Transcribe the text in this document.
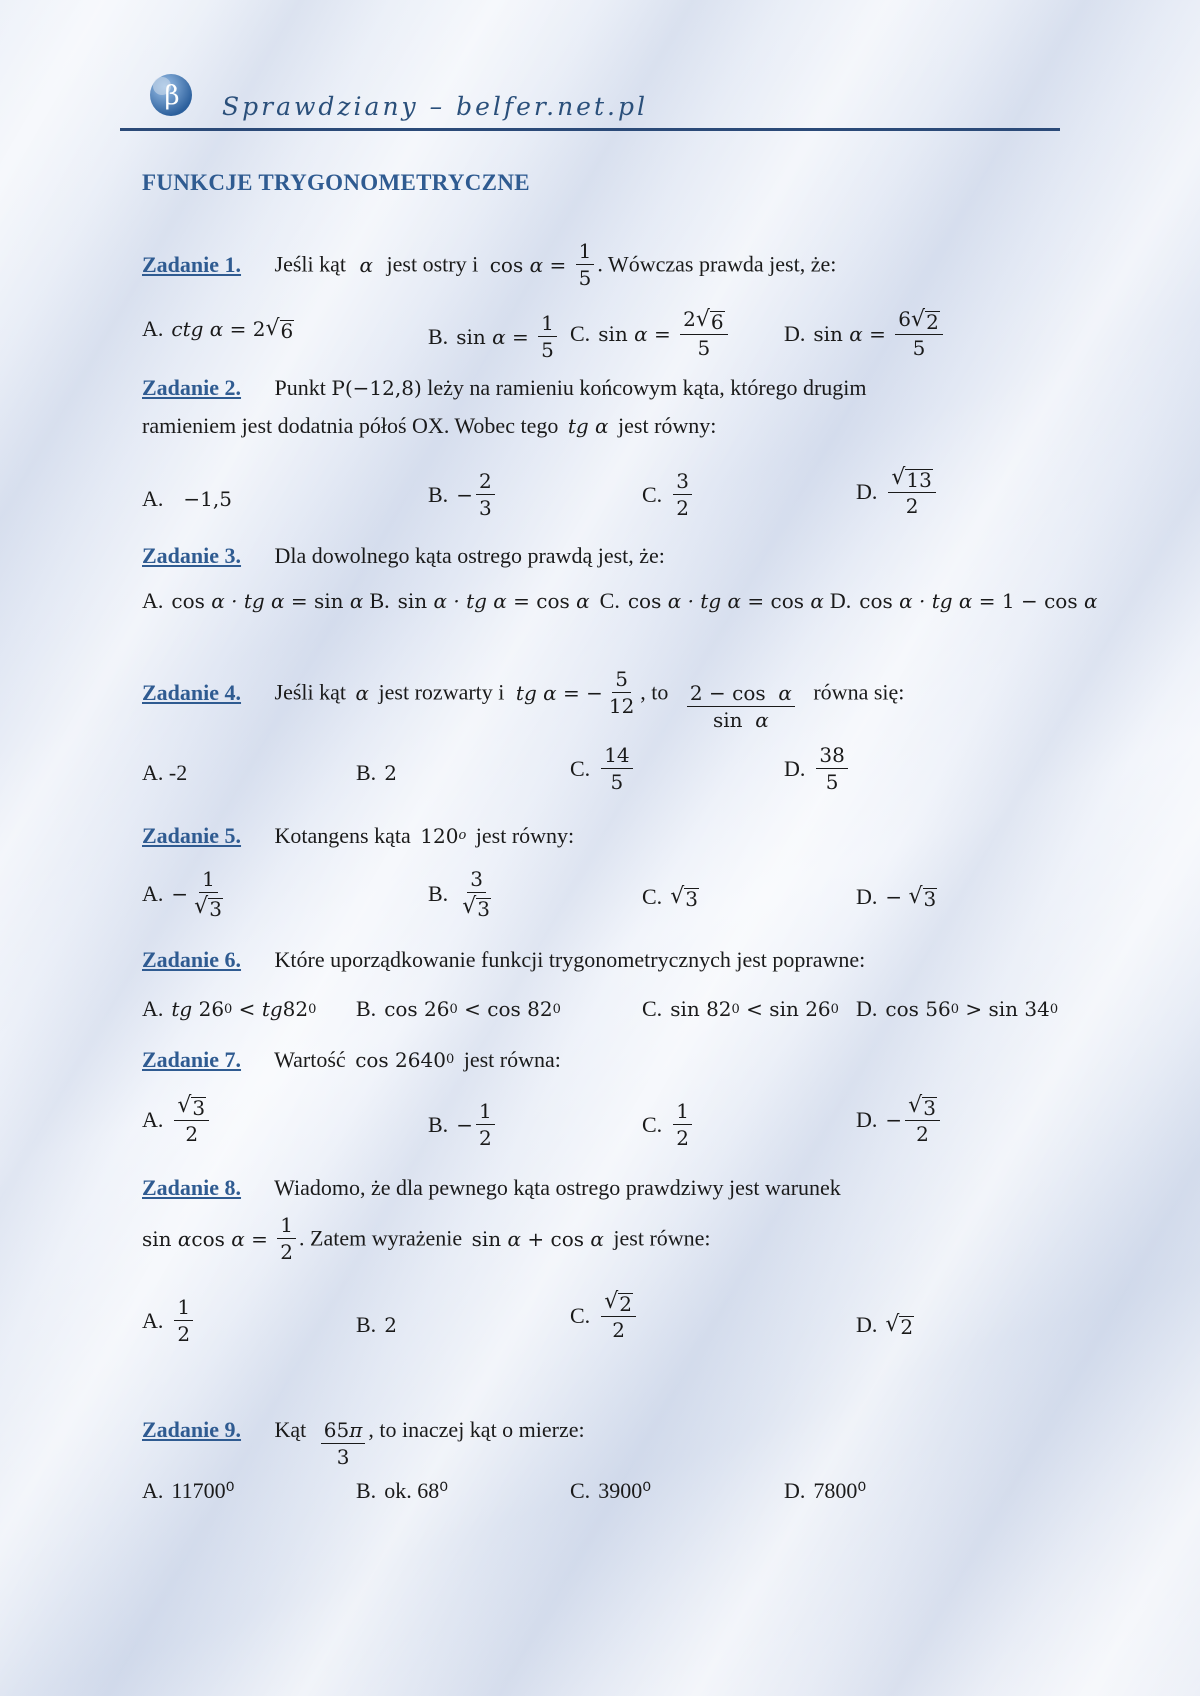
β Sprawdziany – belfer.net.pl
FUNKCJE TRYGONOMETRYCZNE
Zadanie 1. Jeśli kąt α jest ostry i $\cos \alpha = \frac{1}{5}$ . Wówczas prawda jest, że:
A. ctg α = 2 √ 6	B. $\sin \alpha = \frac{1}{5} C$. $\sin \alpha = \frac{2 √ 6}{5}$	D. $\sin \alpha = \frac{6 √ 2}{5}$
Zadanie 2. Punkt P(−12,8) leży na ramieniu końcowym kąta, którego drugim
ramieniem jest dodatnia półoś OX. Wobec tego tg α jest równy:
A. −1,5	B. − $\frac{2}{3}$	C. $\frac{3}{2}$	D. $\frac{√ 13}{2}$
Zadanie 3. Dla dowolnego kąta ostrego prawdą jest, że:
A. cos α · tg α = sin α B. sin α · tg α = cos α C. cos α · tg α = cos α D. cos α · tg α = 1 − cos α
Zadanie 4. Jeśli kąt α jest rozwarty i tg α = − $\frac{5}{12}$ , to $\frac{\text{2 − cos  α}}{\text{sin  α}}$ równa się:
A. -2	B. 2	C. $\frac{14}{5}$	D. $\frac{38}{5}$
Zadanie 5. Kotangens kąta 120 o jest równy:
A. − $\frac{1}{√ 3}$	B. $\frac{3}{√ 3}$	C. √ 3	D. − √ 3
Zadanie 6. Które uporządkowanie funkcji trygonometrycznych jest poprawne:
A. tg 26 0 < tg 82 0 B. cos 26 0 < cos 82 0	C. sin 82 0 < sin 26 0 D. cos 56 0 > sin 34 0
Zadanie 7. Wartość cos 2640 0 jest równa:
A. $\frac{√ 3}{2}$	B. − $\frac{1}{2}$	C. $\frac{1}{2}$	D. − $\frac{√ 3}{2}$
Zadanie 8. Wiadomo, że dla pewnego kąta ostrego prawdziwy jest warunek
sin α $\cos \alpha = \frac{1}{2}$ . Zatem wyrażenie sin α + cos α jest równe:
A. $\frac{1}{2}$	B. 2	C. $\frac{√ 2}{2}$	D. √ 2
Zadanie 9. Kąt $\frac{65\pi}{3}$ , to inaczej kąt o mierze:
A. 11700⁰	B. ok. 68⁰	C. 3900⁰	D. 7800⁰
